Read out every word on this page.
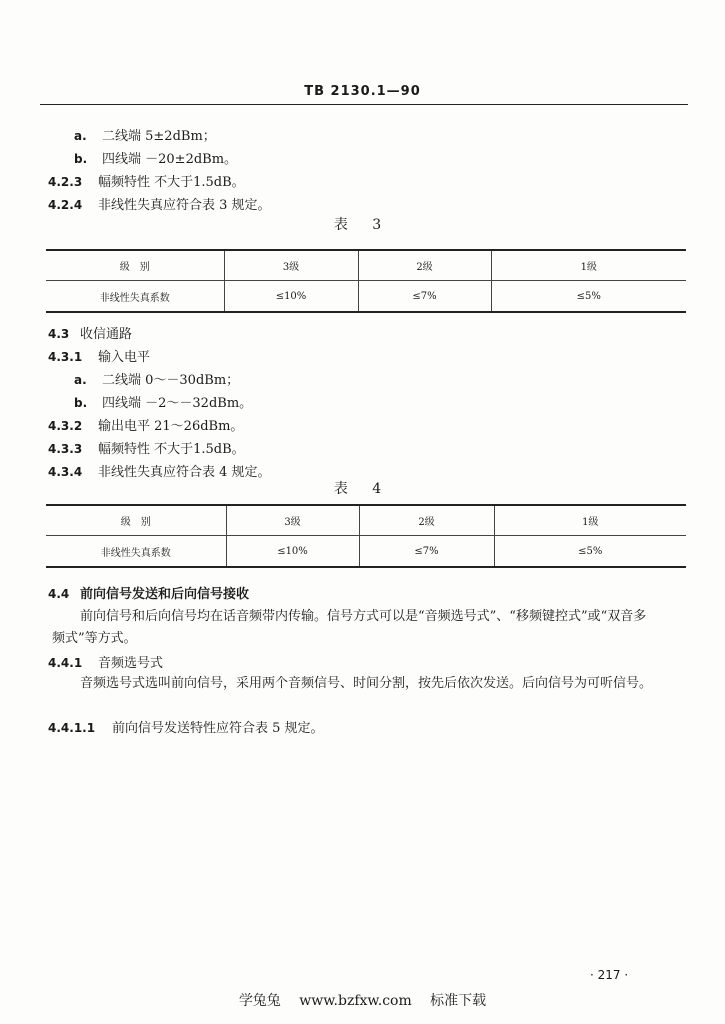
TB 2130.1—90
a. 二线端 5±2dBm；
b. 四线端 －20±2dBm。
4.2.3 幅频特性 不大于1.5dB。
4.2.4 非线性失真应符合表 3 规定。
表 3
级　别	3级	2级	1级
非线性失真系数	≤10%	≤7%	≤5%
4.3 收信通路
4.3.1 输入电平
a. 二线端 0～－30dBm；
b. 四线端 －2～－32dBm。
4.3.2 输出电平 21～26dBm。
4.3.3 幅频特性 不大于1.5dB。
4.3.4 非线性失真应符合表 4 规定。
表 4
级　别	3级	2级	1级
非线性失真系数	≤10%	≤7%	≤5%
4.4 前向信号发送和后向信号接收
前向信号和后向信号均在话音频带内传输。信号方式可以是“音频选号式”、“移频键控式”或“双音多频式”等方式。
4.4.1 音频选号式
音频选号式选叫前向信号，采用两个音频信号、时间分割，按先后依次发送。后向信号为可听信号。
4.4.1.1 前向信号发送特性应符合表 5 规定。
· 217 ·
学兔兔 www.bzfxw.com 标准下载
